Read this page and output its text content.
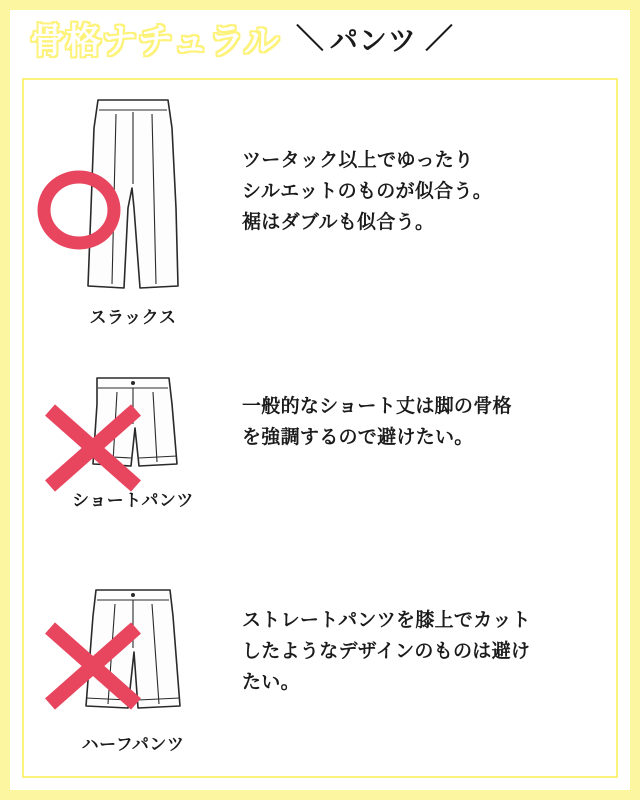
骨格ナチュラル ＼ パンツ ／
スラックス

ツータック以上でゆったり

シルエットのものが似合う。

裾はダブルも似合う。

ショートパンツ

一般的なショート丈は脚の骨格

を強調するので避けたい。

ハーフパンツ

ストレートパンツを膝上でカット

したようなデザインのものは避け

たい。
